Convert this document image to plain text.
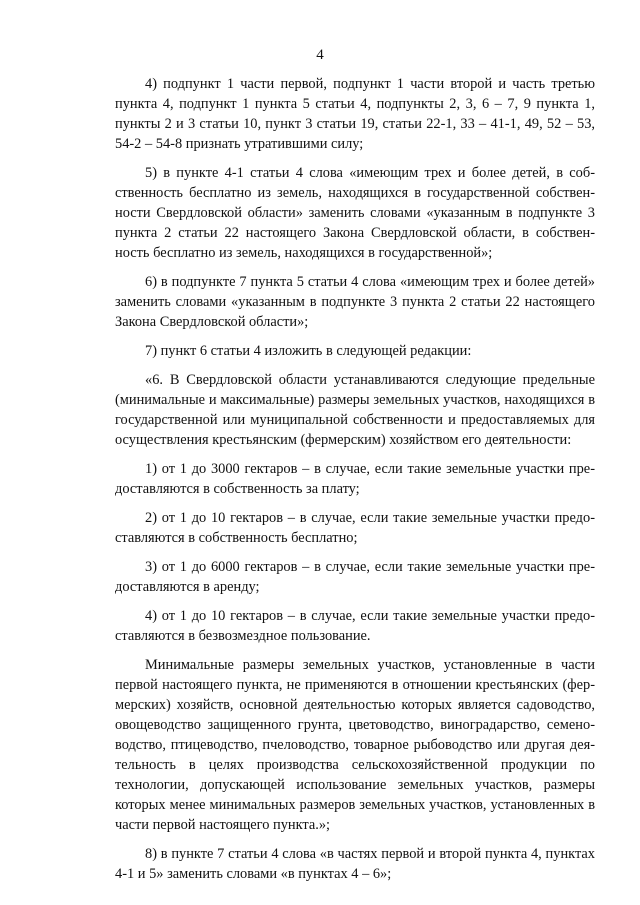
4

4) подпункт 1 части первой, подпункт 1 части второй и часть третью пункта 4, подпункт 1 пункта 5 статьи 4, подпункты 2, 3, 6 – 7, 9 пункта 1, пункты 2 и 3 статьи 10, пункт 3 статьи 19, статьи 22-1, 33 – 41-1, 49, 52 – 53, 54-2 – 54-8 признать утратившими силу;

5) в пункте 4-1 статьи 4 слова «имеющим трех и более детей, в собственность бесплатно из земель, находящихся в государственной собственности Свердловской области» заменить словами «указанным в подпункте 3 пункта 2 статьи 22 настоящего Закона Свердловской области, в собственность бесплатно из земель, находящихся в государственной»;

6) в подпункте 7 пункта 5 статьи 4 слова «имеющим трех и более детей» заменить словами «указанным в подпункте 3 пункта 2 статьи 22 настоящего Закона Свердловской области»;

7) пункт 6 статьи 4 изложить в следующей редакции:

«6. В Свердловской области устанавливаются следующие предельные (минимальные и максимальные) размеры земельных участков, находящихся в государственной или муниципальной собственности и предоставляемых для осуществления крестьянским (фермерским) хозяйством его деятельности:

1) от 1 до 3000 гектаров – в случае, если такие земельные участки предоставляются в собственность за плату;

2) от 1 до 10 гектаров – в случае, если такие земельные участки предоставляются в собственность бесплатно;

3) от 1 до 6000 гектаров – в случае, если такие земельные участки предоставляются в аренду;

4) от 1 до 10 гектаров – в случае, если такие земельные участки предоставляются в безвозмездное пользование.

Минимальные размеры земельных участков, установленные в части первой настоящего пункта, не применяются в отношении крестьянских (фермерских) хозяйств, основной деятельностью которых является садоводство, овощеводство защищенного грунта, цветоводство, виноградарство, семеноводство, птицеводство, пчеловодство, товарное рыбоводство или другая деятельность в целях производства сельскохозяйственной продукции по технологии, допускающей использование земельных участков, размеры которых менее минимальных размеров земельных участков, установленных в части первой настоящего пункта.»;

8) в пункте 7 статьи 4 слова «в частях первой и второй пункта 4, пунктах 4-1 и 5» заменить словами «в пунктах 4 – 6»;
